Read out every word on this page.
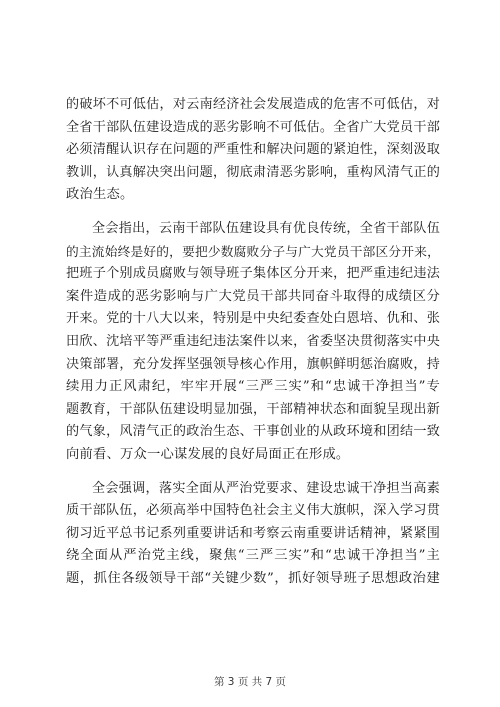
的破坏不可低估，对云南经济社会发展造成的危害不可低估，对

全省干部队伍建设造成的恶劣影响不可低估。全省广大党员干部

必须清醒认识存在问题的严重性和解决问题的紧迫性，深刻汲取

教训，认真解决突出问题，彻底肃清恶劣影响，重构风清气正的

政治生态。

全会指出，云南干部队伍建设具有优良传统，全省干部队伍

的主流始终是好的，要把少数腐败分子与广大党员干部区分开来，

把班子个别成员腐败与领导班子集体区分开来，把严重违纪违法

案件造成的恶劣影响与广大党员干部共同奋斗取得的成绩区分

开来。党的十八大以来，特别是中央纪委查处白恩培、仇和、张

田欣、沈培平等严重违纪违法案件以来，省委坚决贯彻落实中央

决策部署，充分发挥坚强领导核心作用，旗帜鲜明惩治腐败，持

续用力正风肃纪，牢牢开展“三严三实”和“忠诚干净担当”专

题教育，干部队伍建设明显加强，干部精神状态和面貌呈现出新

的气象，风清气正的政治生态、干事创业的从政环境和团结一致

向前看、万众一心谋发展的良好局面正在形成。

全会强调，落实全面从严治党要求、建设忠诚干净担当高素

质干部队伍，必须高举中国特色社会主义伟大旗帜，深入学习贯

彻习近平总书记系列重要讲话和考察云南重要讲话精神，紧紧围

绕全面从严治党主线，聚焦“三严三实”和“忠诚干净担当”主

题，抓住各级领导干部“关键少数”，抓好领导班子思想政治建

第 3 页 共 7 页
